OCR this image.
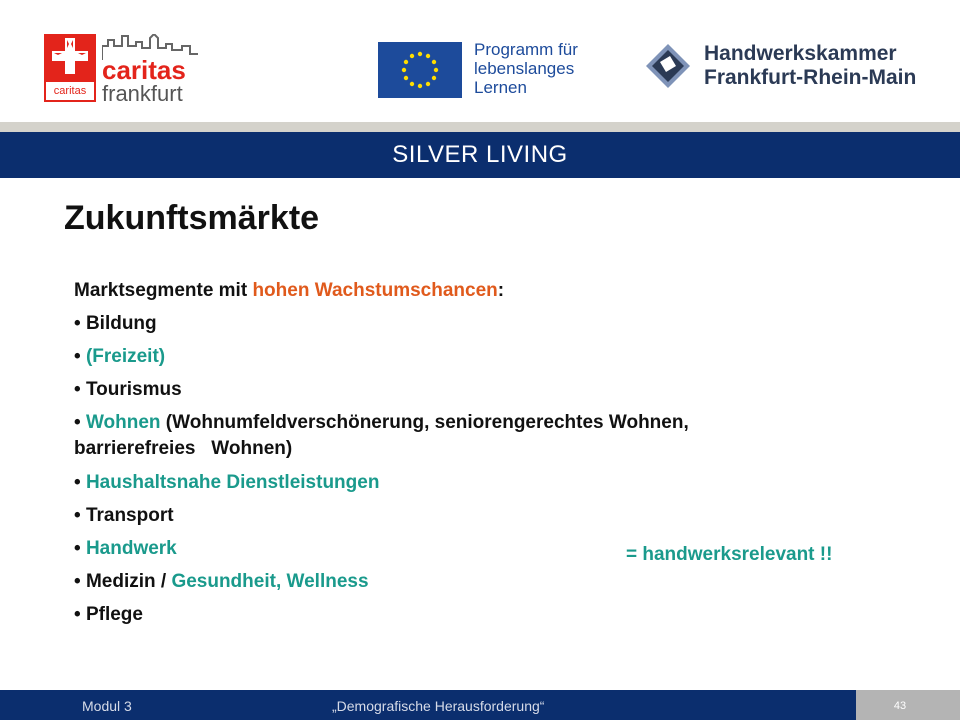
caritas
caritas
frankfurt
Programm für
lebenslanges
Lernen
Handwerkskammer
Frankfurt-Rhein-Main
SILVER LIVING
Zukunftsmärkte
Marktsegmente mit hohen Wachstumschancen:
• Bildung
• (Freizeit)
• Tourismus
• Wohnen (Wohnumfeldverschönerung, seniorengerechtes Wohnen,
barrierefreies   Wohnen)
• Haushaltsnahe Dienstleistungen
• Transport
• Handwerk
• Medizin / Gesundheit, Wellness
• Pflege
= handwerksrelevant !!
Modul 3	„Demografische Herausforderung“	43
